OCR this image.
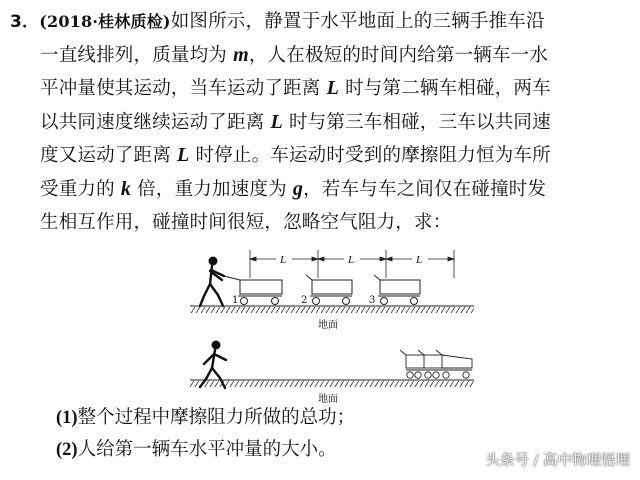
3．(2018·桂林质检)如图所示，静置于水平地面上的三辆手推车沿
一直线排列，质量均为 m，人在极短的时间内给第一辆车一水
平冲量使其运动，当车运动了距离 L 时与第二辆车相碰，两车
以共同速度继续运动了距离 L 时与第三车相碰，三车以共同速
度又运动了距离 L 时停止。车运动时受到的摩擦阻力恒为车所
受重力的 k 倍，重力加速度为 g，若车与车之间仅在碰撞时发
生相互作用，碰撞时间很短，忽略空气阻力，求：
L	L	L
1	2	3
地面
地面
(1)整个过程中摩擦阻力所做的总功；
(2)人给第一辆车水平冲量的大小。
头条号 / 高中物理悟理
